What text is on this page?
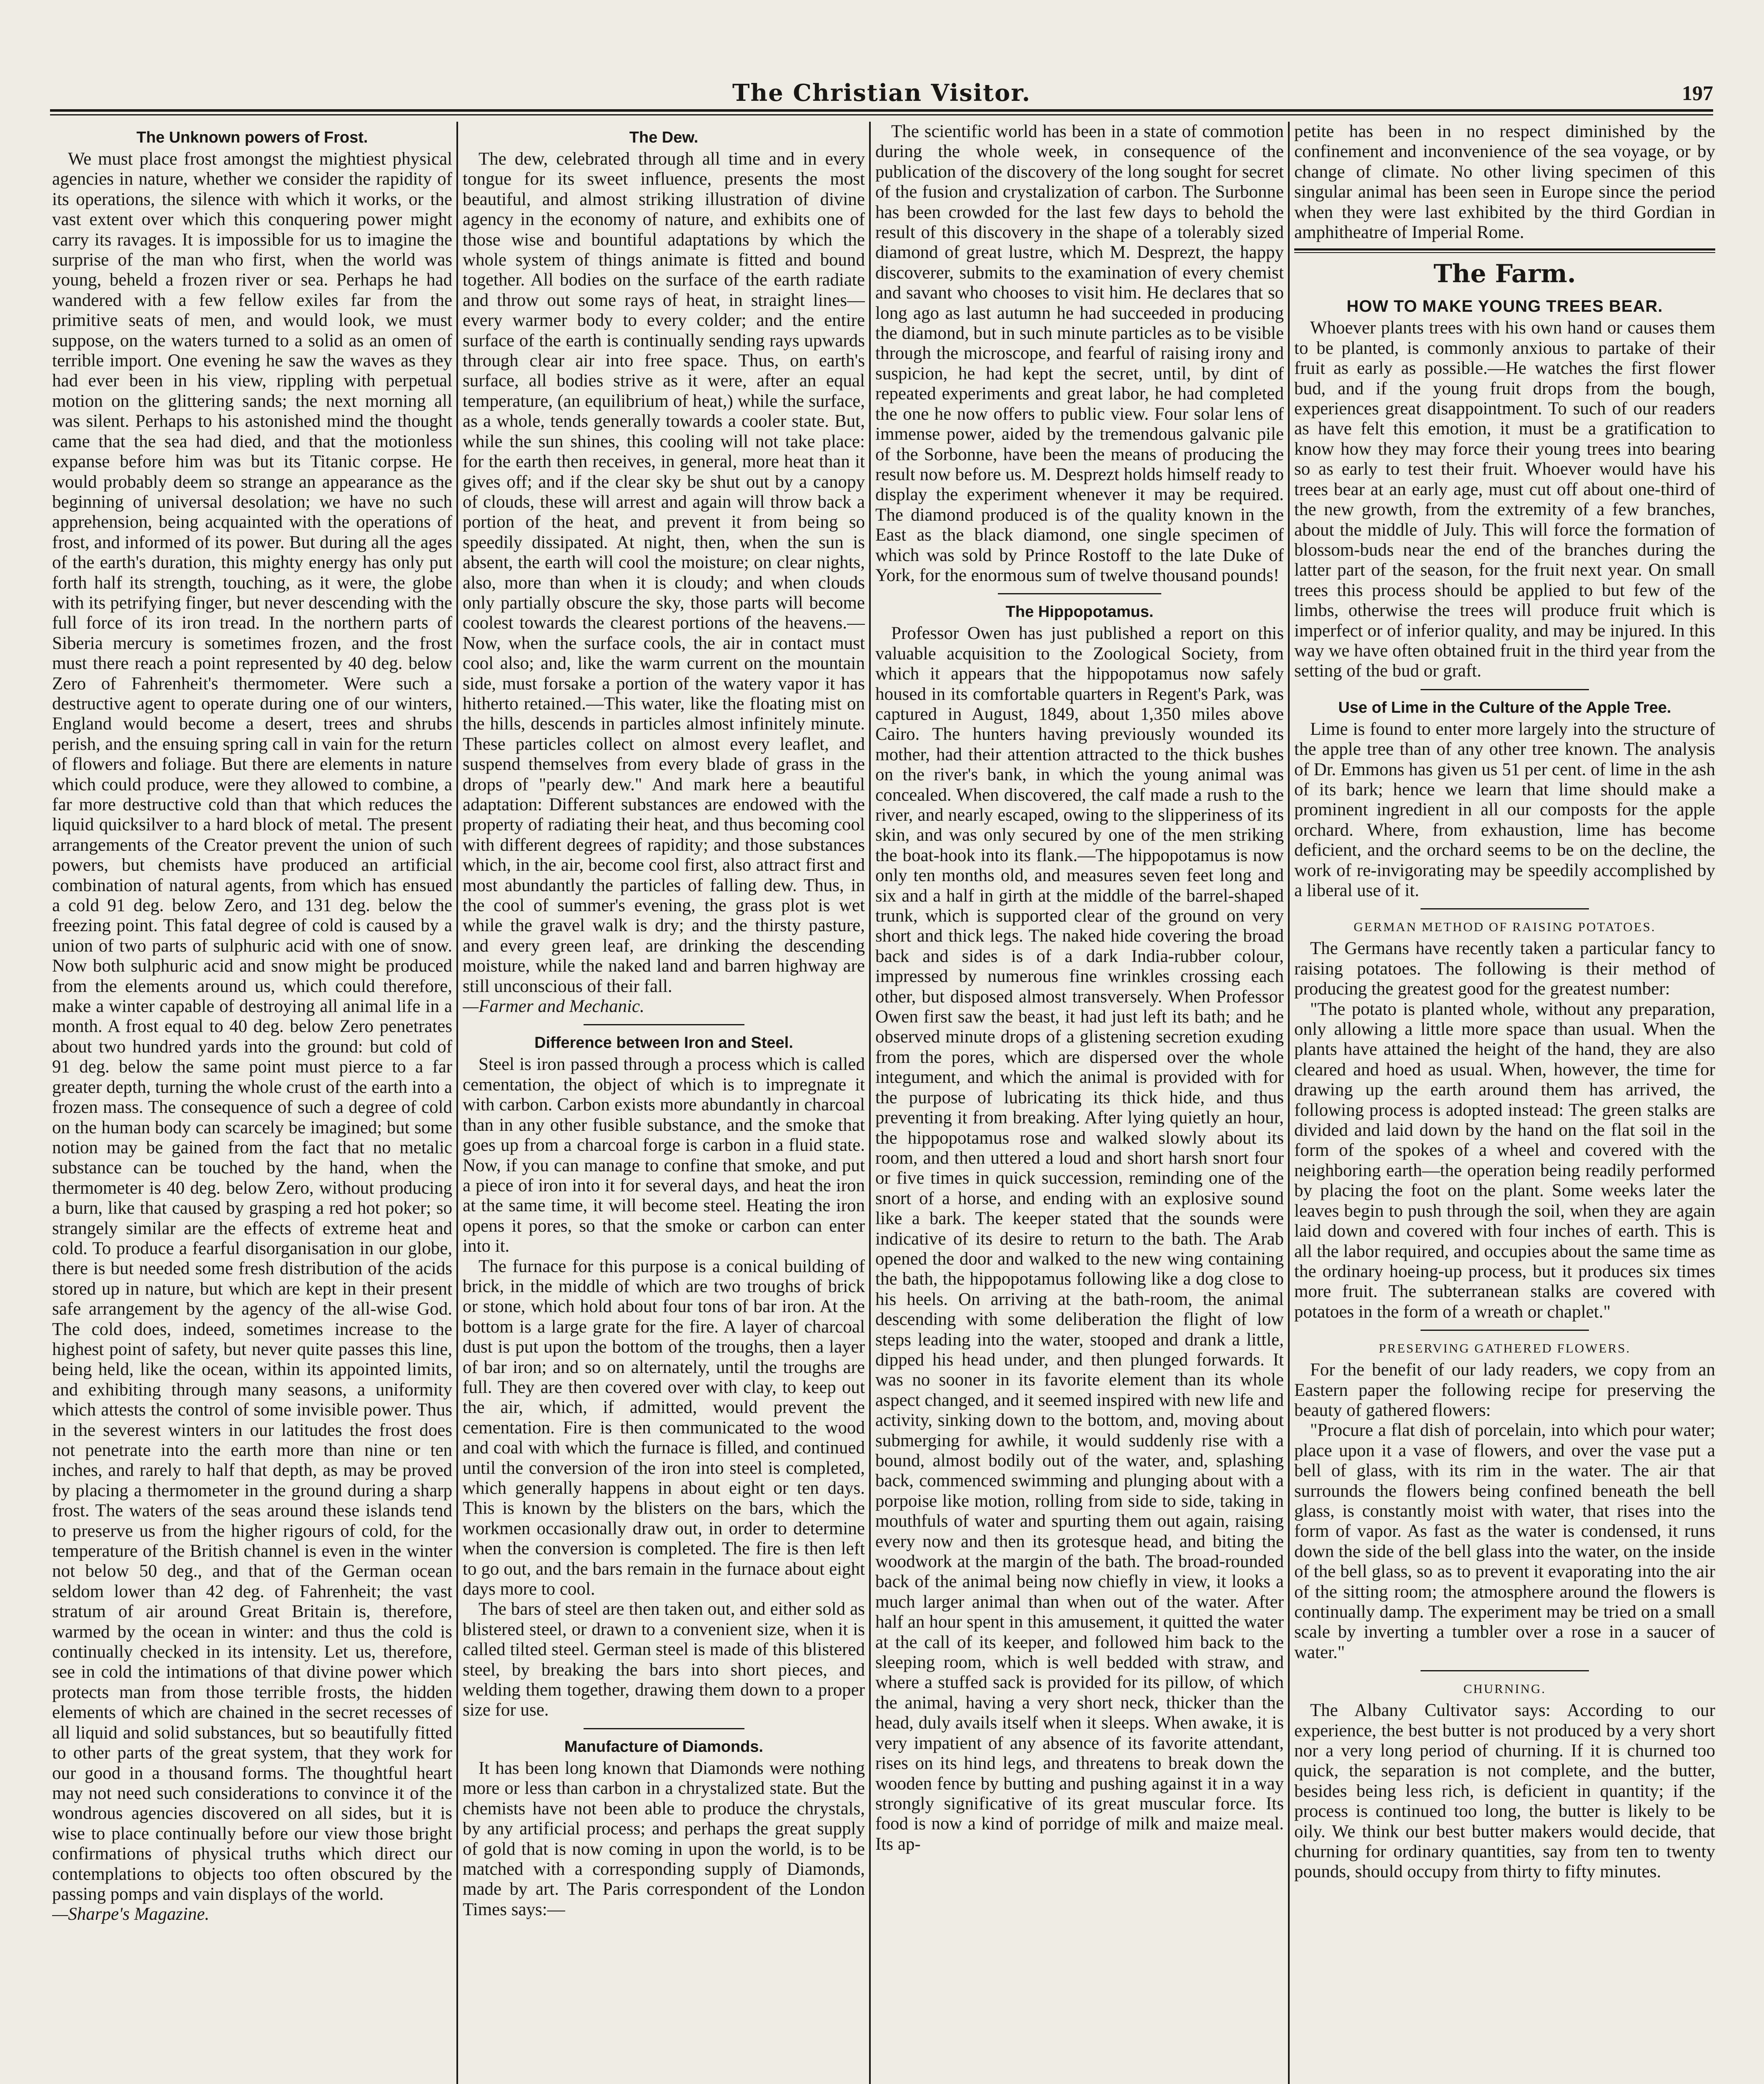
The Christian Visitor.	197
The Unknown powers of Frost.

We must place frost amongst the mightiest physical agencies in nature, whether we consider the rapidity of its operations, the silence with which it works, or the vast extent over which this conquering power might carry its ravages. It is impossible for us to imagine the surprise of the man who first, when the world was young, beheld a frozen river or sea. Perhaps he had wandered with a few fellow exiles far from the primitive seats of men, and would look, we must suppose, on the waters turned to a solid as an omen of terrible import. One evening he saw the waves as they had ever been in his view, rippling with perpetual motion on the glittering sands; the next morning all was silent. Perhaps to his astonished mind the thought came that the sea had died, and that the motionless expanse before him was but its Titanic corpse. He would probably deem so strange an appearance as the beginning of universal desolation; we have no such apprehension, being acquainted with the operations of frost, and informed of its power. But during all the ages of the earth's duration, this mighty energy has only put forth half its strength, touching, as it were, the globe with its petrifying finger, but never descending with the full force of its iron tread. In the northern parts of Siberia mercury is sometimes frozen, and the frost must there reach a point represented by 40 deg. below Zero of Fahrenheit's thermometer. Were such a destructive agent to operate during one of our winters, England would become a desert, trees and shrubs perish, and the ensuing spring call in vain for the return of flowers and foliage. But there are elements in nature which could produce, were they allowed to combine, a far more destructive cold than that which reduces the liquid quicksilver to a hard block of metal. The present arrangements of the Creator prevent the union of such powers, but chemists have produced an artificial combination of natural agents, from which has ensued a cold 91 deg. below Zero, and 131 deg. below the freezing point. This fatal degree of cold is caused by a union of two parts of sulphuric acid with one of snow. Now both sulphuric acid and snow might be produced from the elements around us, which could therefore, make a winter capable of destroying all animal life in a month. A frost equal to 40 deg. below Zero penetrates about two hundred yards into the ground: but cold of 91 deg. below the same point must pierce to a far greater depth, turning the whole crust of the earth into a frozen mass. The consequence of such a degree of cold on the human body can scarcely be imagined; but some notion may be gained from the fact that no metalic substance can be touched by the hand, when the thermometer is 40 deg. below Zero, without producing a burn, like that caused by grasping a red hot poker; so strangely similar are the effects of extreme heat and cold. To produce a fearful disorganisation in our globe, there is but needed some fresh distribution of the acids stored up in nature, but which are kept in their present safe arrangement by the agency of the all-wise God. The cold does, indeed, sometimes increase to the highest point of safety, but never quite passes this line, being held, like the ocean, within its appointed limits, and exhibiting through many seasons, a uniformity which attests the control of some invisible power. Thus in the severest winters in our latitudes the frost does not penetrate into the earth more than nine or ten inches, and rarely to half that depth, as may be proved by placing a thermometer in the ground during a sharp frost. The waters of the seas around these islands tend to preserve us from the higher rigours of cold, for the temperature of the British channel is even in the winter not below 50 deg., and that of the German ocean seldom lower than 42 deg. of Fahrenheit; the vast stratum of air around Great Britain is, therefore, warmed by the ocean in winter: and thus the cold is continually checked in its intensity. Let us, therefore, see in cold the intimations of that divine power which protects man from those terrible frosts, the hidden elements of which are chained in the secret recesses of all liquid and solid substances, but so beautifully fitted to other parts of the great system, that they work for our good in a thousand forms. The thoughtful heart may not need such considerations to convince it of the wondrous agencies discovered on all sides, but it is wise to place continually before our view those bright confirmations of physical truths which direct our contemplations to objects too often obscured by the passing pomps and vain displays of the world.

—Sharpe's Magazine.

The Dew.

The dew, celebrated through all time and in every tongue for its sweet influence, presents the most beautiful, and almost striking illustration of divine agency in the economy of nature, and exhibits one of those wise and bountiful adaptations by which the whole system of things animate is fitted and bound together. All bodies on the surface of the earth radiate and throw out some rays of heat, in straight lines—every warmer body to every colder; and the entire surface of the earth is continually sending rays upwards through clear air into free space. Thus, on earth's surface, all bodies strive as it were, after an equal temperature, (an equilibrium of heat,) while the surface, as a whole, tends generally towards a cooler state. But, while the sun shines, this cooling will not take place: for the earth then receives, in general, more heat than it gives off; and if the clear sky be shut out by a canopy of clouds, these will arrest and again will throw back a portion of the heat, and prevent it from being so speedily dissipated. At night, then, when the sun is absent, the earth will cool the moisture; on clear nights, also, more than when it is cloudy; and when clouds only partially obscure the sky, those parts will become coolest towards the clearest portions of the heavens.—Now, when the surface cools, the air in contact must cool also; and, like the warm current on the mountain side, must forsake a portion of the watery vapor it has hitherto retained.—This water, like the floating mist on the hills, descends in particles almost infinitely minute. These particles collect on almost every leaflet, and suspend themselves from every blade of grass in the drops of "pearly dew." And mark here a beautiful adaptation: Different substances are endowed with the property of radiating their heat, and thus becoming cool with different degrees of rapidity; and those substances which, in the air, become cool first, also attract first and most abundantly the particles of falling dew. Thus, in the cool of summer's evening, the grass plot is wet while the gravel walk is dry; and the thirsty pasture, and every green leaf, are drinking the descending moisture, while the naked land and barren highway are still unconscious of their fall.

—Farmer and Mechanic.

Difference between Iron and Steel.

Steel is iron passed through a process which is called cementation, the object of which is to impregnate it with carbon. Carbon exists more abundantly in charcoal than in any other fusible substance, and the smoke that goes up from a charcoal forge is carbon in a fluid state. Now, if you can manage to confine that smoke, and put a piece of iron into it for several days, and heat the iron at the same time, it will become steel. Heating the iron opens it pores, so that the smoke or carbon can enter into it.

The furnace for this purpose is a conical building of brick, in the middle of which are two troughs of brick or stone, which hold about four tons of bar iron. At the bottom is a large grate for the fire. A layer of charcoal dust is put upon the bottom of the troughs, then a layer of bar iron; and so on alternately, until the troughs are full. They are then covered over with clay, to keep out the air, which, if admitted, would prevent the cementation. Fire is then communicated to the wood and coal with which the furnace is filled, and continued until the conversion of the iron into steel is completed, which generally happens in about eight or ten days. This is known by the blisters on the bars, which the workmen occasionally draw out, in order to determine when the conversion is completed. The fire is then left to go out, and the bars remain in the furnace about eight days more to cool.

The bars of steel are then taken out, and either sold as blistered steel, or drawn to a convenient size, when it is called tilted steel. German steel is made of this blistered steel, by breaking the bars into short pieces, and welding them together, drawing them down to a proper size for use.

Manufacture of Diamonds.

It has been long known that Diamonds were nothing more or less than carbon in a chrystalized state. But the chemists have not been able to produce the chrystals, by any artificial process; and perhaps the great supply of gold that is now coming in upon the world, is to be matched with a corresponding supply of Diamonds, made by art. The Paris correspondent of the London Times says:—

The scientific world has been in a state of commotion during the whole week, in consequence of the publication of the discovery of the long sought for secret of the fusion and crystalization of carbon. The Surbonne has been crowded for the last few days to behold the result of this discovery in the shape of a tolerably sized diamond of great lustre, which M. Desprezt, the happy discoverer, submits to the examination of every chemist and savant who chooses to visit him. He declares that so long ago as last autumn he had succeeded in producing the diamond, but in such minute particles as to be visible through the microscope, and fearful of raising irony and suspicion, he had kept the secret, until, by dint of repeated experiments and great labor, he had completed the one he now offers to public view. Four solar lens of immense power, aided by the tremendous galvanic pile of the Sorbonne, have been the means of producing the result now before us. M. Desprezt holds himself ready to display the experiment whenever it may be required. The diamond produced is of the quality known in the East as the black diamond, one single specimen of which was sold by Prince Rostoff to the late Duke of York, for the enormous sum of twelve thousand pounds!

The Hippopotamus.

Professor Owen has just published a report on this valuable acquisition to the Zoological Society, from which it appears that the hippopotamus now safely housed in its comfortable quarters in Regent's Park, was captured in August, 1849, about 1,350 miles above Cairo. The hunters having previously wounded its mother, had their attention attracted to the thick bushes on the river's bank, in which the young animal was concealed. When discovered, the calf made a rush to the river, and nearly escaped, owing to the slipperiness of its skin, and was only secured by one of the men striking the boat-hook into its flank.—The hippopotamus is now only ten months old, and measures seven feet long and six and a half in girth at the middle of the barrel-shaped trunk, which is supported clear of the ground on very short and thick legs. The naked hide covering the broad back and sides is of a dark India-rubber colour, impressed by numerous fine wrinkles crossing each other, but disposed almost transversely. When Professor Owen first saw the beast, it had just left its bath; and he observed minute drops of a glistening secretion exuding from the pores, which are dispersed over the whole integument, and which the animal is provided with for the purpose of lubricating its thick hide, and thus preventing it from breaking. After lying quietly an hour, the hippopotamus rose and walked slowly about its room, and then uttered a loud and short harsh snort four or five times in quick succession, reminding one of the snort of a horse, and ending with an explosive sound like a bark. The keeper stated that the sounds were indicative of its desire to return to the bath. The Arab opened the door and walked to the new wing containing the bath, the hippopotamus following like a dog close to his heels. On arriving at the bath-room, the animal descending with some deliberation the flight of low steps leading into the water, stooped and drank a little, dipped his head under, and then plunged forwards. It was no sooner in its favorite element than its whole aspect changed, and it seemed inspired with new life and activity, sinking down to the bottom, and, moving about submerging for awhile, it would suddenly rise with a bound, almost bodily out of the water, and, splashing back, commenced swimming and plunging about with a porpoise like motion, rolling from side to side, taking in mouthfuls of water and spurting them out again, raising every now and then its grotesque head, and biting the woodwork at the margin of the bath. The broad-rounded back of the animal being now chiefly in view, it looks a much larger animal than when out of the water. After half an hour spent in this amusement, it quitted the water at the call of its keeper, and followed him back to the sleeping room, which is well bedded with straw, and where a stuffed sack is provided for its pillow, of which the animal, having a very short neck, thicker than the head, duly avails itself when it sleeps. When awake, it is very impatient of any absence of its favorite attendant, rises on its hind legs, and threatens to break down the wooden fence by butting and pushing against it in a way strongly significative of its great muscular force. Its food is now a kind of porridge of milk and maize meal. Its ap-

petite has been in no respect diminished by the confinement and inconvenience of the sea voyage, or by change of climate. No other living specimen of this singular animal has been seen in Europe since the period when they were last exhibited by the third Gordian in amphitheatre of Imperial Rome.

The Farm.
HOW TO MAKE YOUNG TREES BEAR.

Whoever plants trees with his own hand or causes them to be planted, is commonly anxious to partake of their fruit as early as possible.—He watches the first flower bud, and if the young fruit drops from the bough, experiences great disappointment. To such of our readers as have felt this emotion, it must be a gratification to know how they may force their young trees into bearing so as early to test their fruit. Whoever would have his trees bear at an early age, must cut off about one-third of the new growth, from the extremity of a few branches, about the middle of July. This will force the formation of blossom-buds near the end of the branches during the latter part of the season, for the fruit next year. On small trees this process should be applied to but few of the limbs, otherwise the trees will produce fruit which is imperfect or of inferior quality, and may be injured. In this way we have often obtained fruit in the third year from the setting of the bud or graft.

Use of Lime in the Culture of the Apple Tree.

Lime is found to enter more largely into the structure of the apple tree than of any other tree known. The analysis of Dr. Emmons has given us 51 per cent. of lime in the ash of its bark; hence we learn that lime should make a prominent ingredient in all our composts for the apple orchard. Where, from exhaustion, lime has become deficient, and the orchard seems to be on the decline, the work of re-invigorating may be speedily accomplished by a liberal use of it.

GERMAN METHOD OF RAISING POTATOES.

The Germans have recently taken a particular fancy to raising potatoes. The following is their method of producing the greatest good for the greatest number:

"The potato is planted whole, without any preparation, only allowing a little more space than usual. When the plants have attained the height of the hand, they are also cleared and hoed as usual. When, however, the time for drawing up the earth around them has arrived, the following process is adopted instead: The green stalks are divided and laid down by the hand on the flat soil in the form of the spokes of a wheel and covered with the neighboring earth—the operation being readily performed by placing the foot on the plant. Some weeks later the leaves begin to push through the soil, when they are again laid down and covered with four inches of earth. This is all the labor required, and occupies about the same time as the ordinary hoeing-up process, but it produces six times more fruit. The subterranean stalks are covered with potatoes in the form of a wreath or chaplet."

PRESERVING GATHERED FLOWERS.

For the benefit of our lady readers, we copy from an Eastern paper the following recipe for preserving the beauty of gathered flowers:

"Procure a flat dish of porcelain, into which pour water; place upon it a vase of flowers, and over the vase put a bell of glass, with its rim in the water. The air that surrounds the flowers being confined beneath the bell glass, is constantly moist with water, that rises into the form of vapor. As fast as the water is condensed, it runs down the side of the bell glass into the water, on the inside of the bell glass, so as to prevent it evaporating into the air of the sitting room; the atmosphere around the flowers is continually damp. The experiment may be tried on a small scale by inverting a tumbler over a rose in a saucer of water."

CHURNING.

The Albany Cultivator says: According to our experience, the best butter is not produced by a very short nor a very long period of churning. If it is churned too quick, the separation is not complete, and the butter, besides being less rich, is deficient in quantity; if the process is continued too long, the butter is likely to be oily. We think our best butter makers would decide, that churning for ordinary quantities, say from ten to twenty pounds, should occupy from thirty to fifty minutes.
